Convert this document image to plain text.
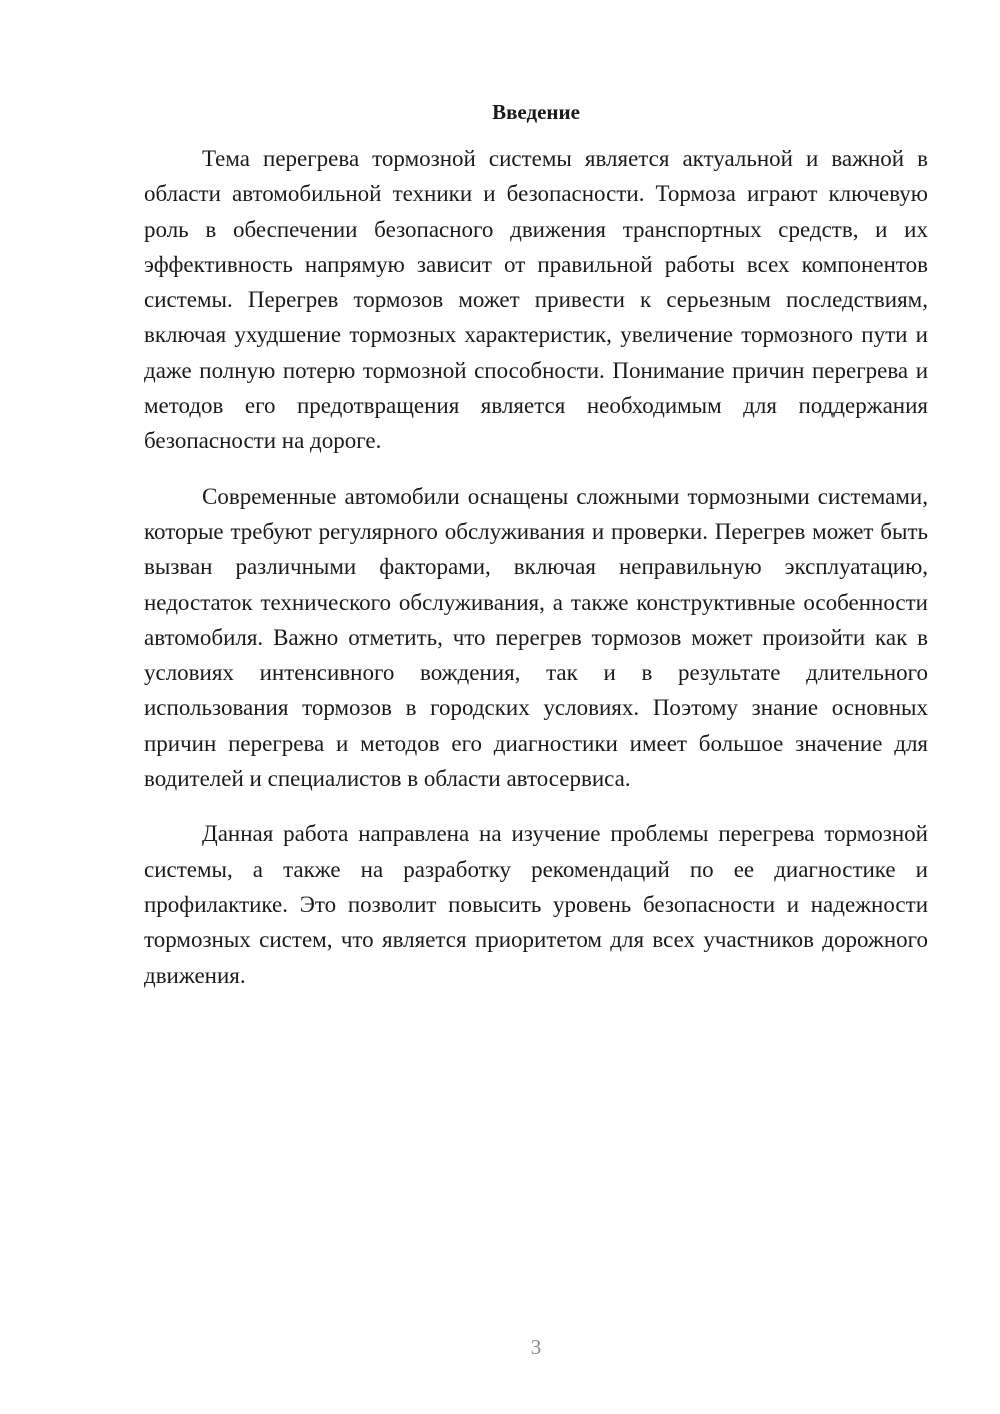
Введение

Тема перегрева тормозной системы является актуальной и важной в области автомобильной техники и безопасности. Тормоза играют ключевую роль в обеспечении безопасного движения транспортных средств, и их эффективность напрямую зависит от правильной работы всех компонентов системы. Перегрев тормозов может привести к серьезным последствиям, включая ухудшение тормозных характеристик, увеличение тормозного пути и даже полную потерю тормозной способности. Понимание причин перегрева и методов его предотвращения является необходимым для поддержания безопасности на дороге.

Современные автомобили оснащены сложными тормозными системами, которые требуют регулярного обслуживания и проверки. Перегрев может быть вызван различными факторами, включая неправильную эксплуатацию, недостаток технического обслуживания, а также конструктивные особенности автомобиля. Важно отметить, что перегрев тормозов может произойти как в условиях интенсивного вождения, так и в результате длительного использования тормозов в городских условиях. Поэтому знание основных причин перегрева и методов его диагностики имеет большое значение для водителей и специалистов в области автосервиса.

Данная работа направлена на изучение проблемы перегрева тормозной системы, а также на разработку рекомендаций по ее диагностике и профилактике. Это позволит повысить уровень безопасности и надежности тормозных систем, что является приоритетом для всех участников дорожного движения.

3
